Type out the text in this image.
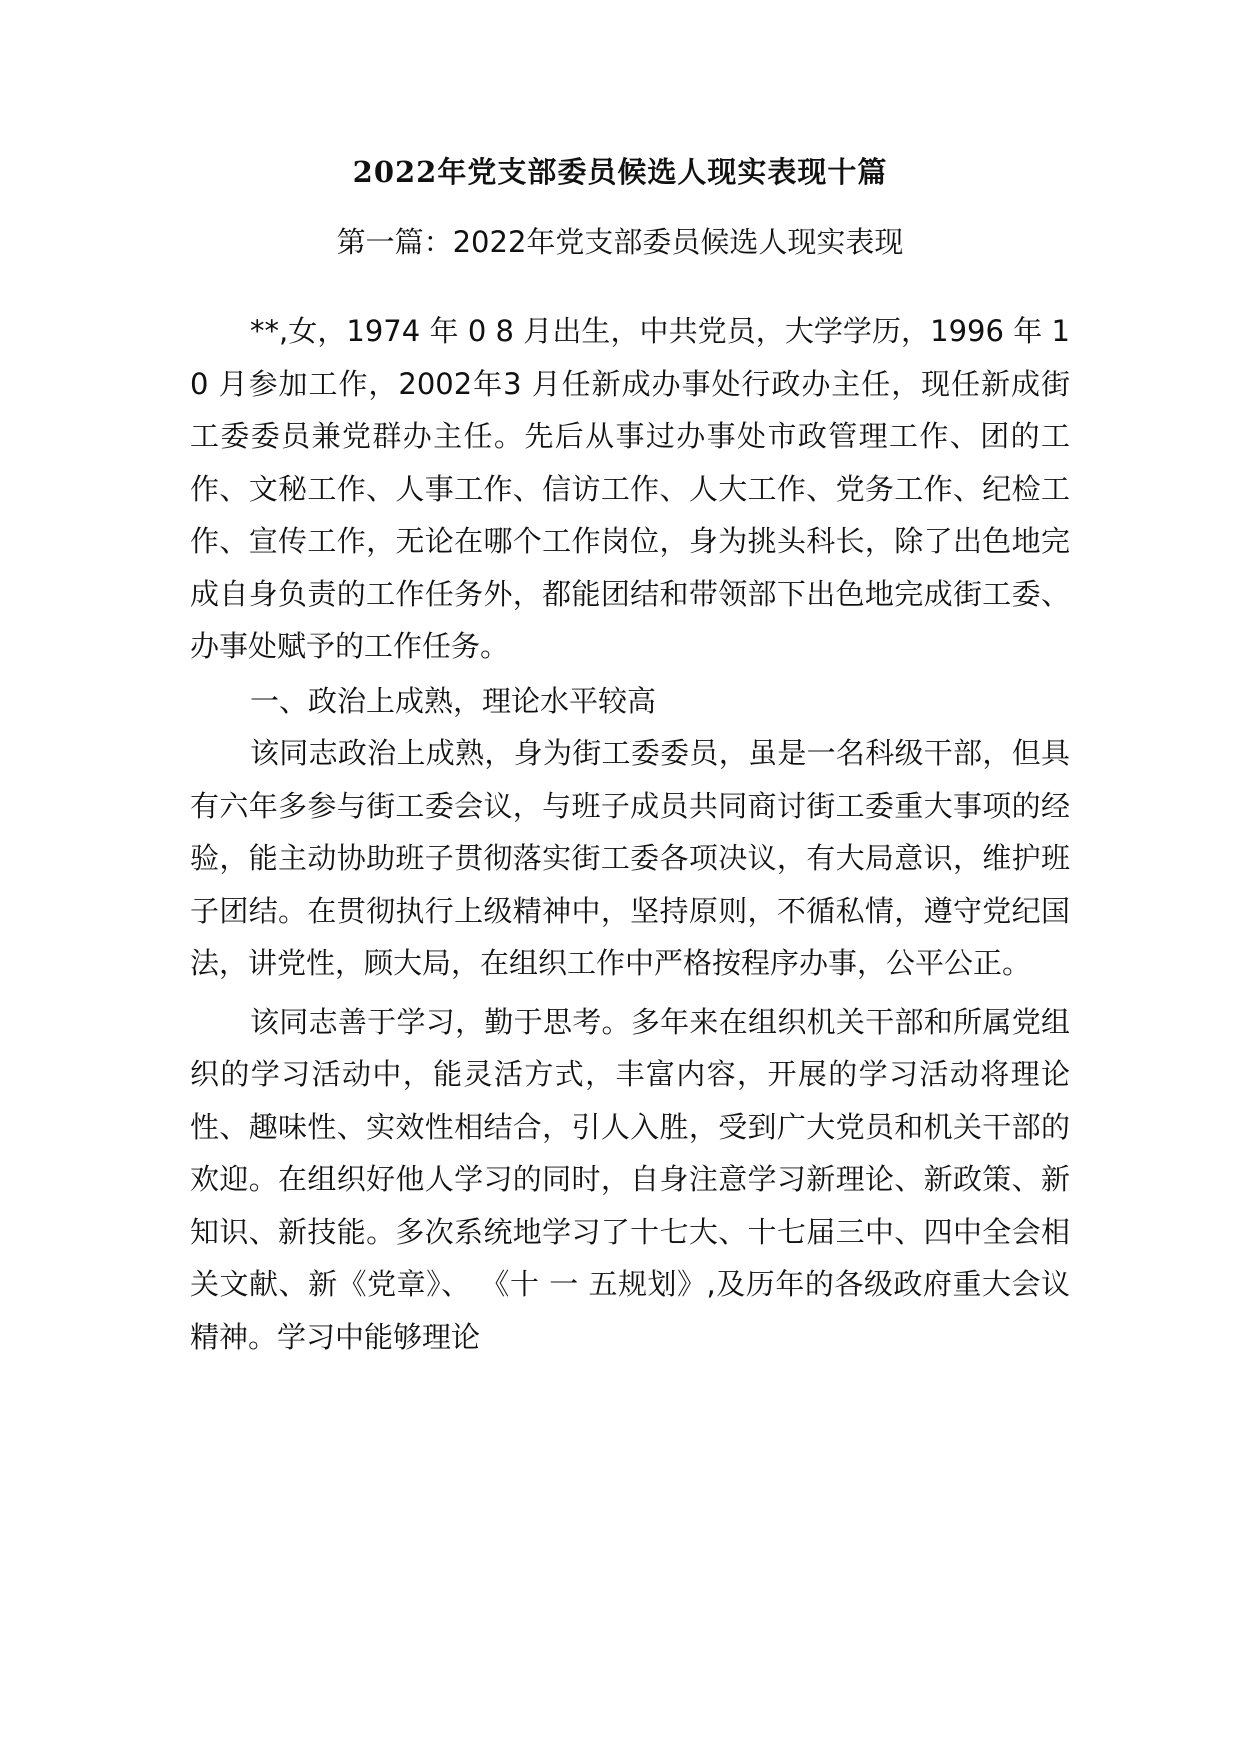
2022年党支部委员候选人现实表现十篇
第一篇：2022年党支部委员候选人现实表现

**,女，1974 年 0 8 月出生，中共党员，大学学历，1996 年 1 0 月参加工作，2002年3 月任新成办事处行政办主任，现任新成街工委委员兼党群办主任。先后从事过办事处市政管理工作、团的工作、文秘工作、人事工作、信访工作、人大工作、党务工作、纪检工作、宣传工作，无论在哪个工作岗位，身为挑头科长，除了出色地完成自身负责的工作任务外，都能团结和带领部下出色地完成街工委、办事处赋予的工作任务。

一、政治上成熟，理论水平较高

该同志政治上成熟，身为街工委委员，虽是一名科级干部，但具有六年多参与街工委会议，与班子成员共同商讨街工委重大事项的经验，能主动协助班子贯彻落实街工委各项决议，有大局意识，维护班子团结。在贯彻执行上级精神中，坚持原则，不循私情，遵守党纪国法，讲党性，顾大局，在组织工作中严格按程序办事，公平公正。

该同志善于学习，勤于思考。多年来在组织机关干部和所属党组织的学习活动中，能灵活方式，丰富内容，开展的学习活动将理论性、趣味性、实效性相结合，引人入胜，受到广大党员和机关干部的欢迎。在组织好他人学习的同时，自身注意学习新理论、新政策、新知识、新技能。多次系统地学习了十七大、十七届三中、四中全会相关文献、新《党章》、 《十 一 五规划》,及历年的各级政府重大会议精神。学习中能够理论
